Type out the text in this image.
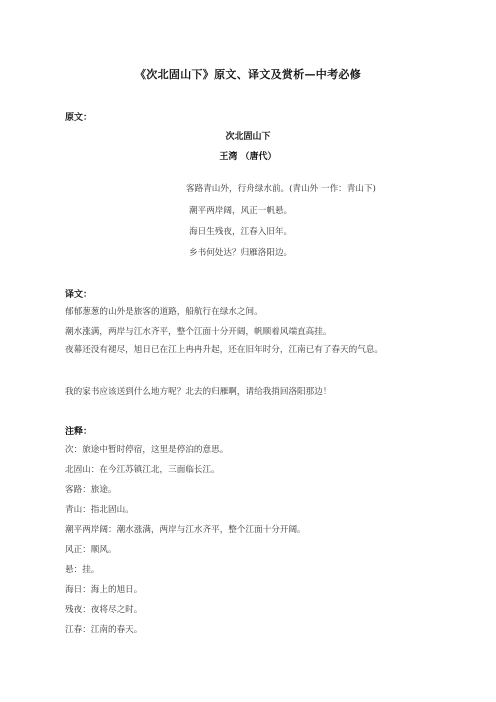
《次北固山下》原文、译文及赏析—中考必修
原文：
次北固山下
王湾 （唐代）
客路青山外，行舟绿水前。(青山外 一作：青山下)
潮平两岸阔，风正一帆悬。
海日生残夜，江春入旧年。
乡书何处达？归雁洛阳边。
译文：
郁郁葱葱的山外是旅客的道路，船航行在绿水之间。
潮水涨满，两岸与江水齐平，整个江面十分开阔，帆顺着风端直高挂。
夜幕还没有褪尽，旭日已在江上冉冉升起，还在旧年时分，江南已有了春天的气息。
我的家书应该送到什么地方呢？北去的归雁啊，请给我捎回洛阳那边！
注释：
次：旅途中暂时停宿，这里是停泊的意思。
北固山：在今江苏镇江北，三面临长江。
客路：旅途。
青山：指北固山。
潮平两岸阔：潮水涨满，两岸与江水齐平，整个江面十分开阔。
风正：顺风。
悬：挂。
海日：海上的旭日。
残夜：夜将尽之时。
江春：江南的春天。
